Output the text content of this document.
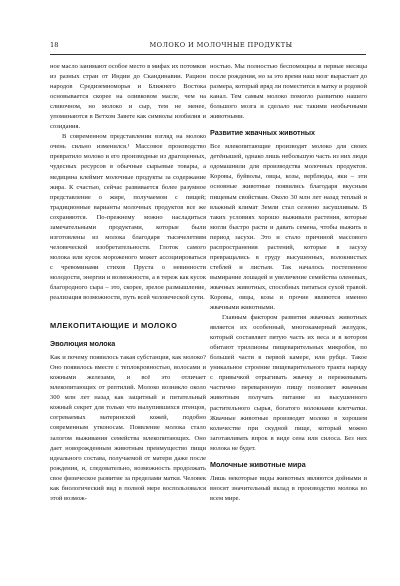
18	МОЛОКО И МОЛОЧНЫЕ ПРОДУКТЫ

ное масло занимают особое место в мифах их потомков из разных стран от Индии до Скандинавии. Рацион народов Средиземноморья и Ближнего Востока основывается скорее на оливковом масле, чем на сливочном, но молоко и сыр, тем не менее, упоминаются в Ветхом Завете как символы изобилия и созидания.

В современном представлении взгляд на молоко очень сильно изменился.¹ Массовое производство превратило молоко и его производные из драгоценных, чудесных ресурсов в обычные сырьевые товары, а медицина клеймит молочные продукты за содержание жира. К счастью, сейчас развивается более разумное представление о жире, получаемом с пищей; традиционные варианты молочных продуктов все же сохраняются. По-прежнему можно насладиться замечательными продуктами, которые были изготовлены из молока благодаря тысячелетиям человеческой изобретательности. Глоток самого молока или кусок мороженого может ассоциироваться с чревоминами стихов Пруста о невинности молодости, энергии и возможности, а в тереж как кусок благородного сыра – это, скорее, зрелое размышление, реализация возможности, путь всей человеческой сути.

МЛЕКОПИТАЮЩИЕ И МОЛОКО
Эволюция молока

Как и почему появилось такая субстанция, как молоко? Оно появилось вместе с теплокровностью, волосами и кожными железами, и всё это отличает млекопитающих от рептилий. Молоко возникло около 300 млн лет назад как защитный и питательный кожный секрет для только что вылупившихся птенцов, согреваемых материнской кожей, подобно современным утконосам. Появление молока стало залогом выживания семейства млекопитающих. Оно дает новорожденным животным преимущество пищи идеального состава, получаемой от матери даже после рождения, и, следовательно, возможность продолжать свое физическое развитие за пределами матки. Человек как биологический вид в полной мере воспользовался этой возмож-

ностью. Мы полностью беспомощны в первые месяцы после рождения, но за это время наш мозг вырастает до размера, который вряд ли поместится в матку и родовой канал. Тем самым молоко помогло развитию нашего большого мозга и сделало нас такими необычными животными.

Развитие жвачных животных

Все млекопитающие производят молоко для своих детёнышей, однако лишь небольшую часть из них люди одомашнили для производства молочных продуктов. Коровы, буйволы, овцы, козы, верблюды, яки – эти основные животные появились благодаря вкусным пищевым свойствам. Около 30 млн лет назад теплый и влажный климат Земли стал сезонно засушливым. В таких условиях хорошо выживали растения, которые могли быстро расти и давать семена, чтобы выжить в период засухи. Это и стало причиной массового распространения растений, которые в засуху превращались в груду высушенных, волокнистых стеблей и листьев. Так началось постепенное вымирание лошадей и увеличение семейства оленевых, жвачных животных, способных питаться сухой травой. Коровы, овцы, козы и прочие являются именно жвачными животными.

Главным фактором развития жвачных животных является их особенный, многокамерный желудок, который составляет пятую часть их веса и в котором обитают триллионы пищеварительных микробов, по большей части в первой камере, или рубце. Такое уникальное строение пищеварительного тракта наряду с привычкой отрыгивать жвачку и пережевывать частично переваренную пищу позволяет жвачным животным получать питание из высушенного растительного сырья, богатого волокнами клетчатки. Жвачные животные производят молоко в хорошем количестве при скудной пище, который можно заготавливать впрок в виде сена или силоса. Без них молока не будет.

Молочные животные мира

Лишь некоторые виды животных являются дойными и вносят значительный вклад в производство молока во всем мире.
